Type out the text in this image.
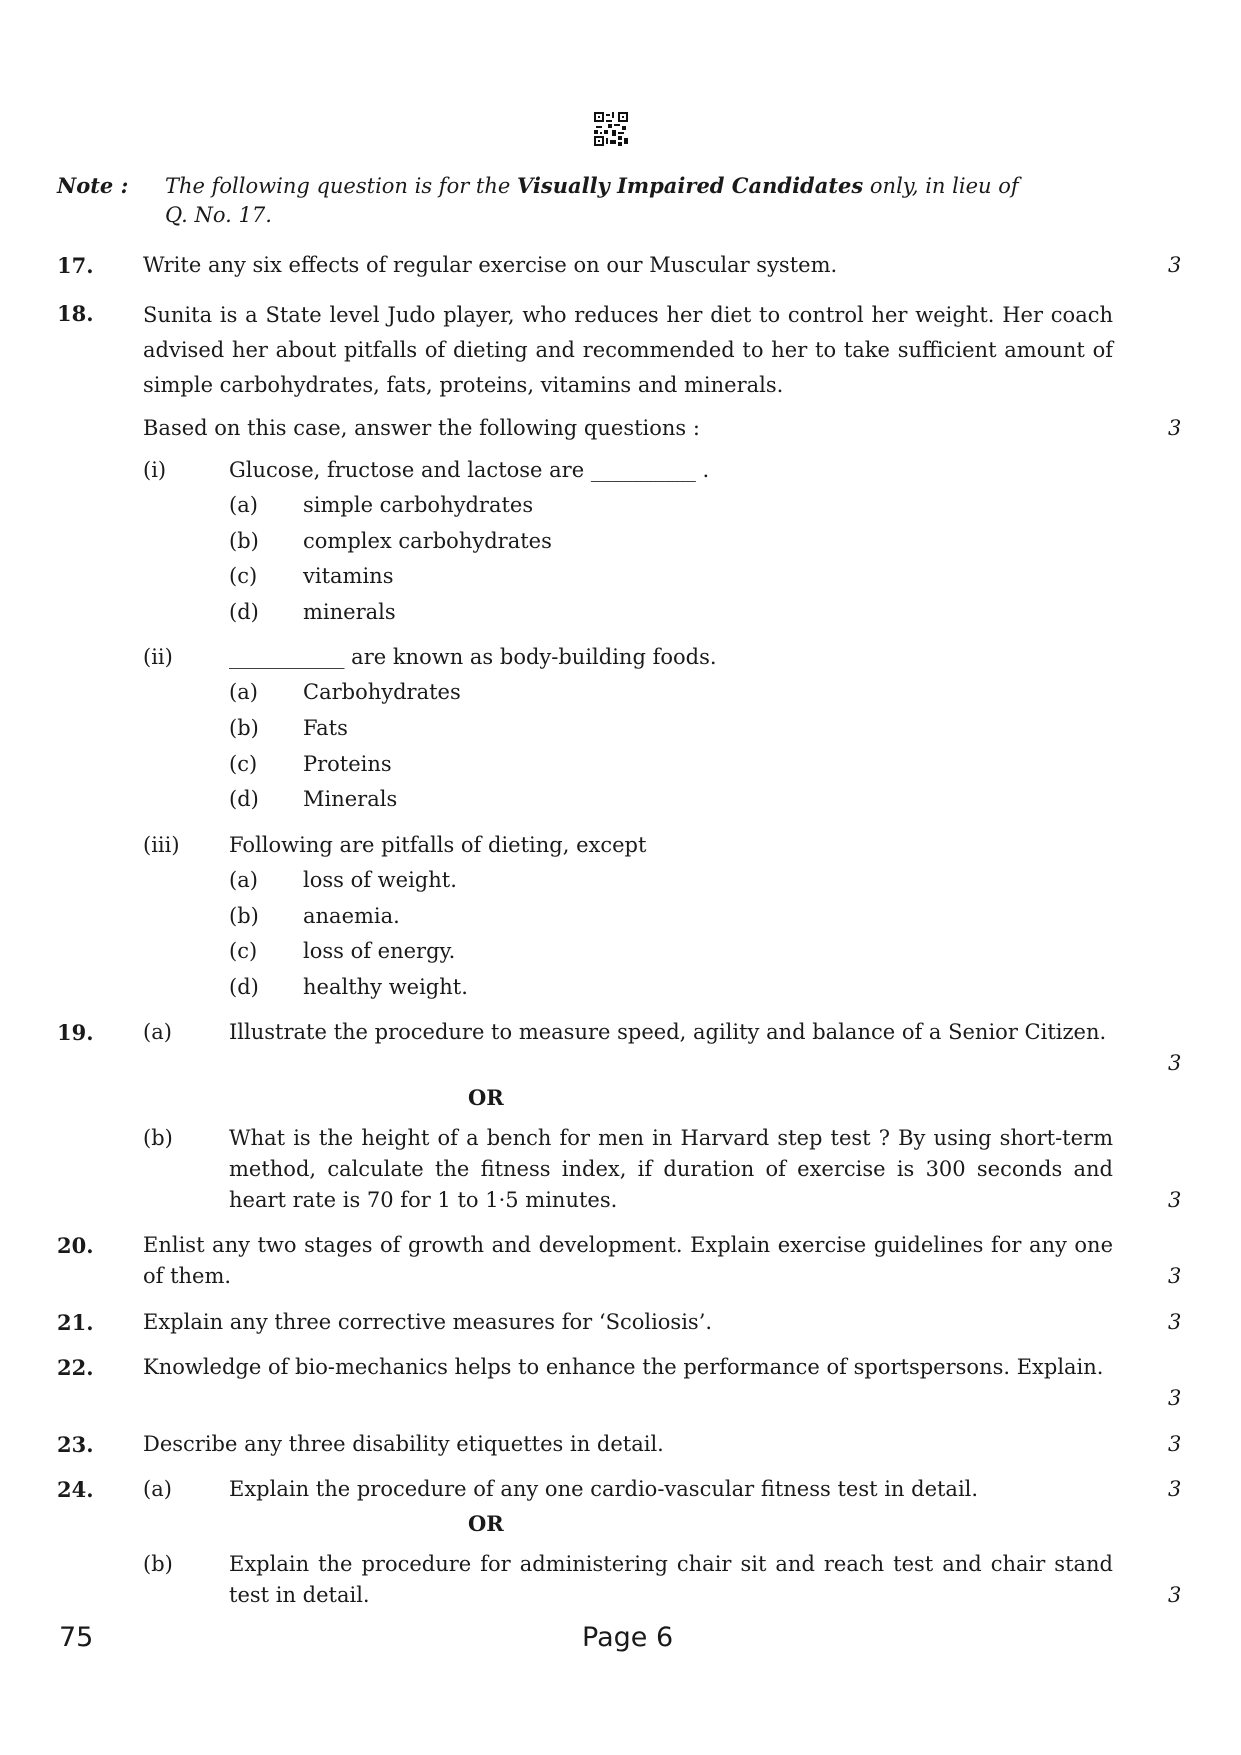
Note : The following question is for the Visually Impaired Candidates only, in lieu of
Q. No. 17.
17. Write any six effects of regular exercise on our Muscular system.	3
18. Sunita is a State level Judo player, who reduces her diet to control her weight. Her coach advised her about pitfalls of dieting and recommended to her to take sufficient amount of simple carbohydrates, fats, proteins, vitamins and minerals.
Based on this case, answer the following questions :	3
(i)	Glucose, fructose and lactose are __________ .
(a) simple carbohydrates
(b) complex carbohydrates
(c) vitamins
(d) minerals
(ii)	___________ are known as body-building foods.
(a) Carbohydrates
(b) Fats
(c) Proteins
(d) Minerals
(iii) Following are pitfalls of dieting, except
(a) loss of weight.
(b) anaemia.
(c) loss of energy.
(d) healthy weight.
19. (a)	Illustrate the procedure to measure speed, agility and balance of a Senior Citizen.
3
OR
(b)	What is the height of a bench for men in Harvard step test ? By using short-term method, calculate the fitness index, if duration of exercise is 300 seconds and heart rate is 70 for 1 to 1·5 minutes.	3
20. Enlist any two stages of growth and development. Explain exercise guidelines for any one of them.	3
21. Explain any three corrective measures for ‘Scoliosis’.	3
22. Knowledge of bio-mechanics helps to enhance the performance of sportspersons. Explain.
3
23. Describe any three disability etiquettes in detail.	3
24. (a)	Explain the procedure of any one cardio-vascular fitness test in detail.	3
OR
(b)	Explain the procedure for administering chair sit and reach test and chair stand test in detail.	3
75	Page 6
